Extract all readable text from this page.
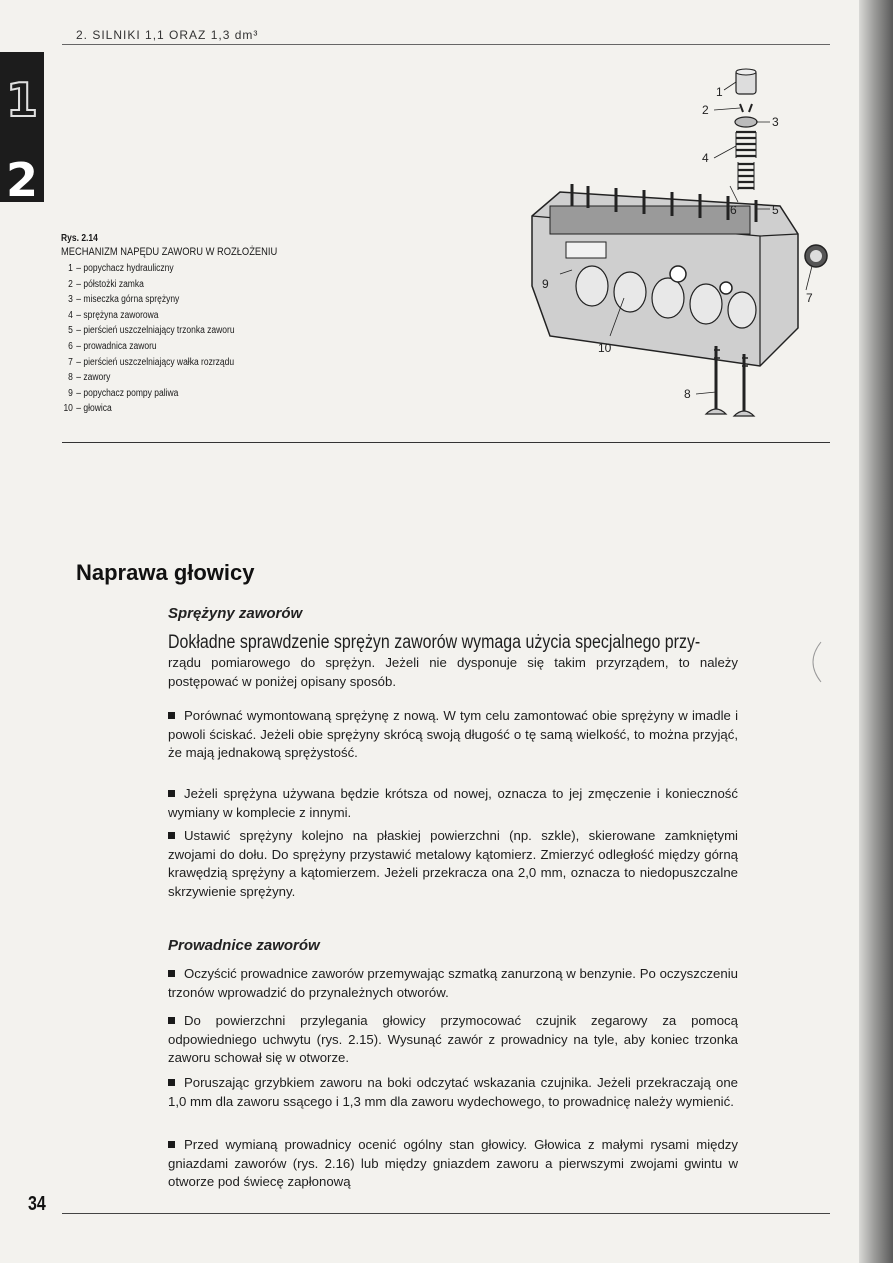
2. SILNIKI 1,1 ORAZ 1,3 dm³
1
2
Rys. 2.14
MECHANIZM NAPĘDU ZAWORU W ROZŁOŻENIU
1 – popychacz hydrauliczny
2 – półstożki zamka
3 – miseczka górna sprężyny
4 – sprężyna zaworowa
5 – pierścień uszczelniający trzonka zaworu
6 – prowadnica zaworu
7 – pierścień uszczelniający wałka rozrządu
8 – zawory
9 – popychacz pompy paliwa
10 – głowica
1
2
3
4
5
6
7
8
9
10
Naprawa głowicy
Sprężyny zaworów

Dokładne sprawdzenie sprężyn zaworów wymaga użycia specjalnego przy-
rządu pomiarowego do sprężyn. Jeżeli nie dysponuje się takim przyrządem, to należy postępować w poniżej opisany sposób.

Porównać wymontowaną sprężynę z nową. W tym celu zamontować obie sprężyny w imadle i powoli ściskać. Jeżeli obie sprężyny skrócą swoją długość o tę samą wielkość, to można przyjąć, że mają jednakową sprężystość.

Jeżeli sprężyna używana będzie krótsza od nowej, oznacza to jej zmęczenie i konieczność wymiany w komplecie z innymi.

Ustawić sprężyny kolejno na płaskiej powierzchni (np. szkle), skierowane zamkniętymi zwojami do dołu. Do sprężyny przystawić metalowy kątomierz. Zmierzyć odległość między górną krawędzią sprężyny a kątomierzem. Jeżeli przekracza ona 2,0 mm, oznacza to niedopuszczalne skrzywienie sprężyny.

Prowadnice zaworów

Oczyścić prowadnice zaworów przemywając szmatką zanurzoną w benzynie. Po oczyszczeniu trzonów wprowadzić do przynależnych otworów.

Do powierzchni przylegania głowicy przymocować czujnik zegarowy za pomocą odpowiedniego uchwytu (rys. 2.15). Wysunąć zawór z prowadnicy na tyle, aby koniec trzonka zaworu schował się w otworze.

Poruszając grzybkiem zaworu na boki odczytać wskazania czujnika. Jeżeli przekraczają one 1,0 mm dla zaworu ssącego i 1,3 mm dla zaworu wydechowego, to prowadnicę należy wymienić.

Przed wymianą prowadnicy ocenić ogólny stan głowicy. Głowica z małymi rysami między gniazdami zaworów (rys. 2.16) lub między gniazdem zaworu a pierwszymi zwojami gwintu w otworze pod świecę zapłonową

34
